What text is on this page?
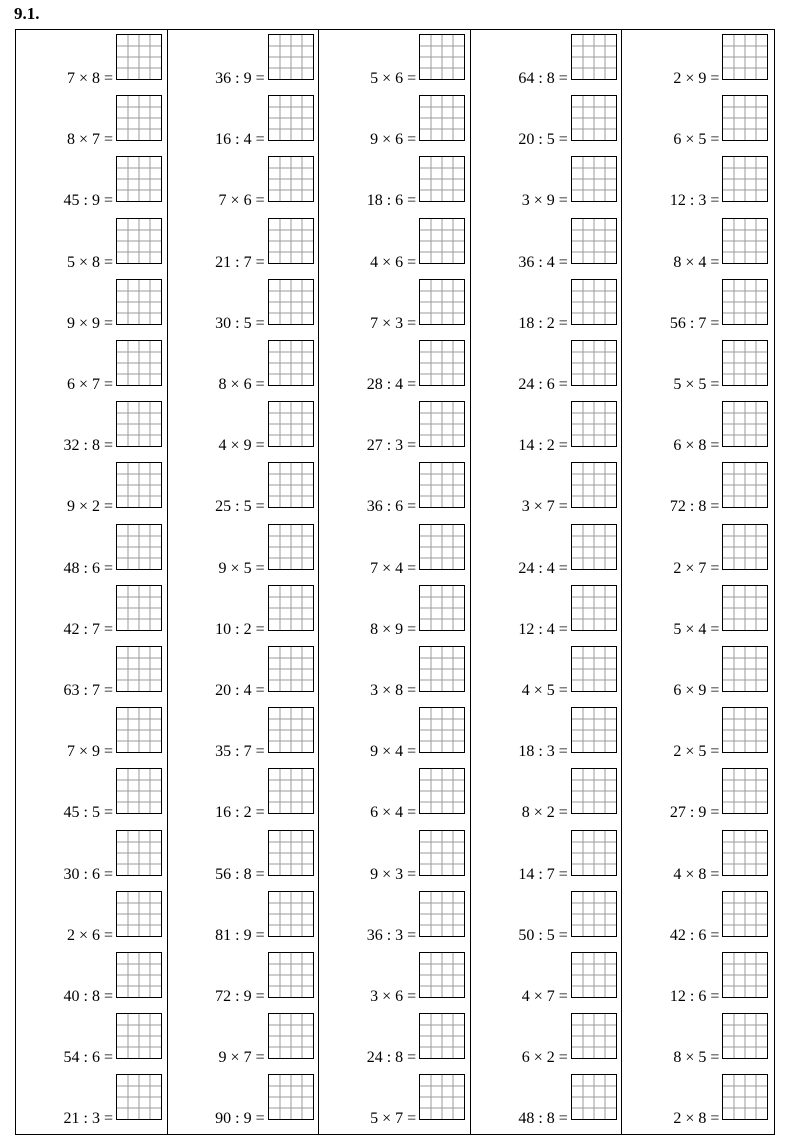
9.1.
7 × 8 =
8 × 7 =
45 : 9 =
5 × 8 =
9 × 9 =
6 × 7 =
32 : 8 =
9 × 2 =
48 : 6 =
42 : 7 =
63 : 7 =
7 × 9 =
45 : 5 =
30 : 6 =
2 × 6 =
40 : 8 =
54 : 6 =
21 : 3 =
36 : 9 =
16 : 4 =
7 × 6 =
21 : 7 =
30 : 5 =
8 × 6 =
4 × 9 =
25 : 5 =
9 × 5 =
10 : 2 =
20 : 4 =
35 : 7 =
16 : 2 =
56 : 8 =
81 : 9 =
72 : 9 =
9 × 7 =
90 : 9 =
5 × 6 =
9 × 6 =
18 : 6 =
4 × 6 =
7 × 3 =
28 : 4 =
27 : 3 =
36 : 6 =
7 × 4 =
8 × 9 =
3 × 8 =
9 × 4 =
6 × 4 =
9 × 3 =
36 : 3 =
3 × 6 =
24 : 8 =
5 × 7 =
64 : 8 =
20 : 5 =
3 × 9 =
36 : 4 =
18 : 2 =
24 : 6 =
14 : 2 =
3 × 7 =
24 : 4 =
12 : 4 =
4 × 5 =
18 : 3 =
8 × 2 =
14 : 7 =
50 : 5 =
4 × 7 =
6 × 2 =
48 : 8 =
2 × 9 =
6 × 5 =
12 : 3 =
8 × 4 =
56 : 7 =
5 × 5 =
6 × 8 =
72 : 8 =
2 × 7 =
5 × 4 =
6 × 9 =
2 × 5 =
27 : 9 =
4 × 8 =
42 : 6 =
12 : 6 =
8 × 5 =
2 × 8 =
